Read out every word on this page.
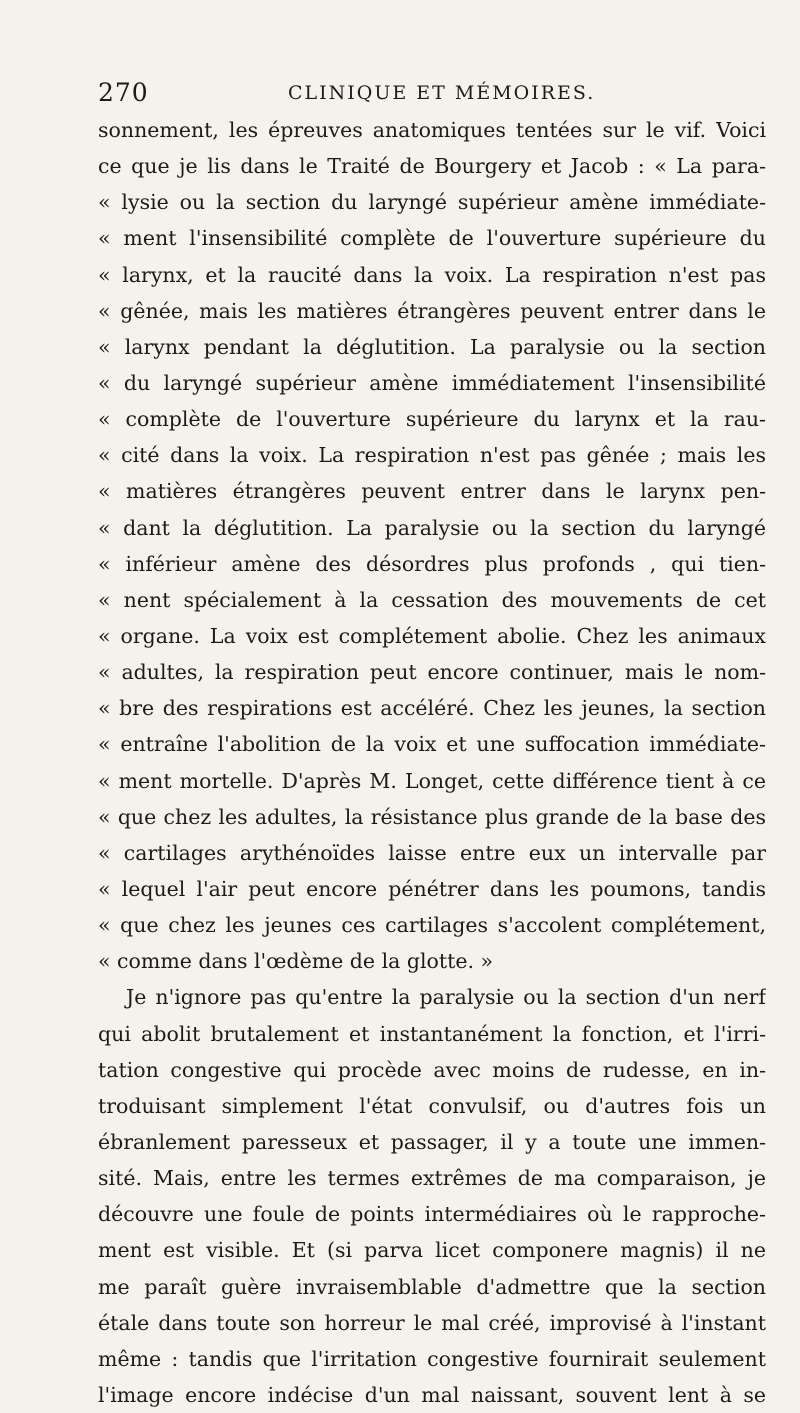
270	CLINIQUE ET MÉMOIRES.
sonnement, les épreuves anatomiques tentées sur le vif. Voici
ce que je lis dans le Traité de Bourgery et Jacob : « La para-
« lysie ou la section du laryngé supérieur amène immédiate-
« ment l'insensibilité complète de l'ouverture supérieure du
« larynx, et la raucité dans la voix. La respiration n'est pas
« gênée, mais les matières étrangères peuvent entrer dans le
« larynx pendant la déglutition. La paralysie ou la section
« du laryngé supérieur amène immédiatement l'insensibilité
« complète de l'ouverture supérieure du larynx et la rau-
« cité dans la voix. La respiration n'est pas gênée ; mais les
« matières étrangères peuvent entrer dans le larynx pen-
« dant la déglutition. La paralysie ou la section du laryngé
« inférieur amène des désordres plus profonds , qui tien-
« nent spécialement à la cessation des mouvements de cet
« organe. La voix est complétement abolie. Chez les animaux
« adultes, la respiration peut encore continuer, mais le nom-
« bre des respirations est accéléré. Chez les jeunes, la section
« entraîne l'abolition de la voix et une suffocation immédiate-
« ment mortelle. D'après M. Longet, cette différence tient à ce
« que chez les adultes, la résistance plus grande de la base des
« cartilages arythénoïdes laisse entre eux un intervalle par
« lequel l'air peut encore pénétrer dans les poumons, tandis
« que chez les jeunes ces cartilages s'accolent complétement,
« comme dans l'œdème de la glotte. »
Je n'ignore pas qu'entre la paralysie ou la section d'un nerf
qui abolit brutalement et instantanément la fonction, et l'irri-
tation congestive qui procède avec moins de rudesse, en in-
troduisant simplement l'état convulsif, ou d'autres fois un
ébranlement paresseux et passager, il y a toute une immen-
sité. Mais, entre les termes extrêmes de ma comparaison, je
découvre une foule de points intermédiaires où le rapproche-
ment est visible. Et (si parva licet componere magnis) il ne
me paraît guère invraisemblable d'admettre que la section
étale dans toute son horreur le mal créé, improvisé à l'instant
même : tandis que l'irritation congestive fournirait seulement
l'image encore indécise d'un mal naissant, souvent lent à se
